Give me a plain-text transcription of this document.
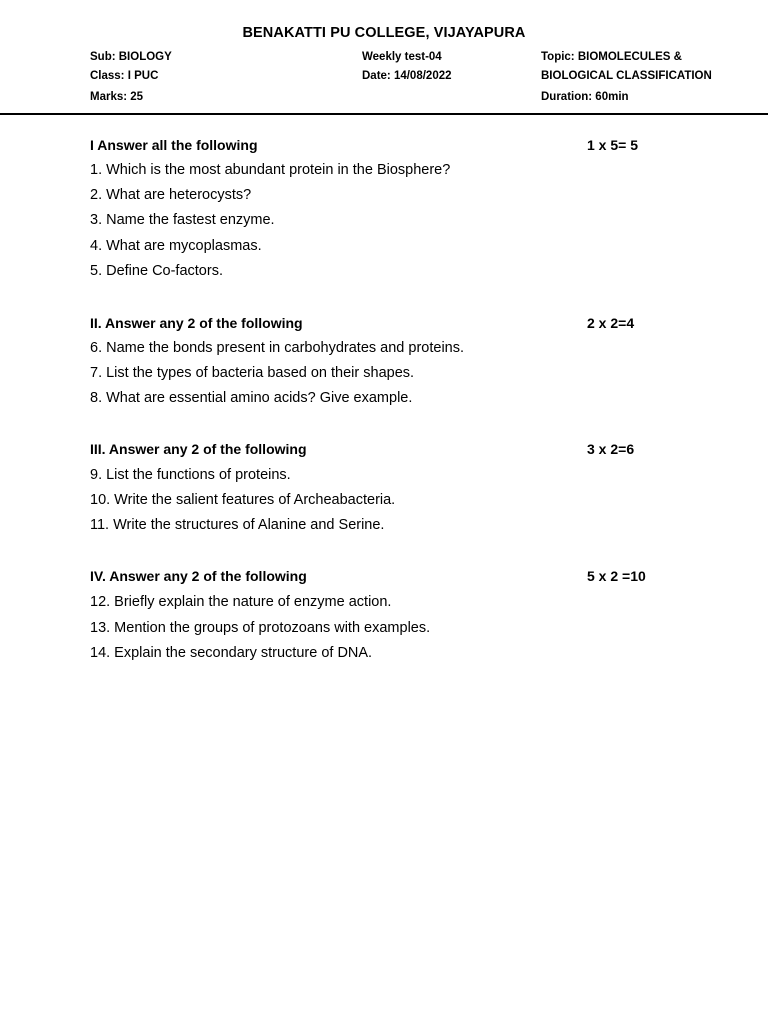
BENAKATTI PU COLLEGE, VIJAYAPURA
Sub: BIOLOGY
Class: I PUC
Marks: 25
Weekly test-04
Date: 14/08/2022
Topic: BIOMOLECULES &
BIOLOGICAL CLASSIFICATION
Duration: 60min
I Answer all the following	1 x 5= 5
1. Which is the most abundant protein in the Biosphere?
2. What are heterocysts?
3. Name the fastest enzyme.
4. What are mycoplasmas.
5. Define Co-factors.
II. Answer any 2 of the following	2 x 2=4
6. Name the bonds present in carbohydrates and proteins.
7. List the types of bacteria based on their shapes.
8. What are essential amino acids? Give example.
III. Answer any 2 of the following	3 x 2=6
9. List the functions of proteins.
10. Write the salient features of Archeabacteria.
11. Write the structures of Alanine and Serine.
IV. Answer any 2 of the following	5 x 2 =10
12. Briefly explain the nature of enzyme action.
13. Mention the groups of protozoans with examples.
14. Explain the secondary structure of DNA.
